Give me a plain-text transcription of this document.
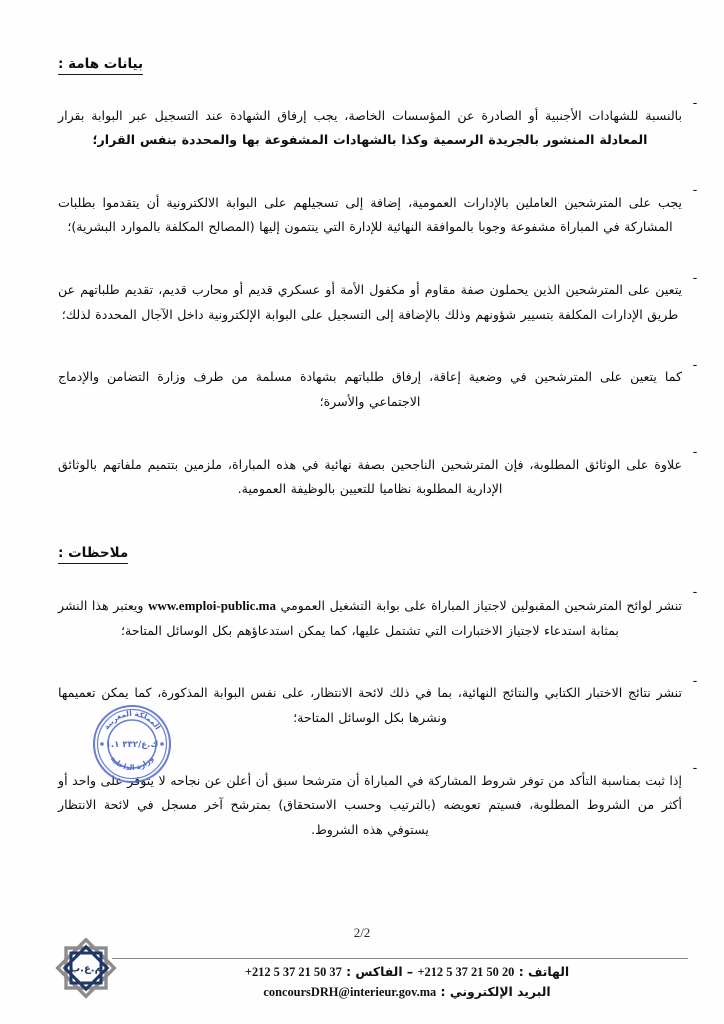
بيانات هامة :
-

بالنسبة للشهادات الأجنبية أو الصادرة عن المؤسسات الخاصة، يجب إرفاق الشهادة عند التسجيل عبر البوابة بقرار المعادلة المنشور بالجريدة الرسمية وكذا بالشهادات المشفوعة بها والمحددة بنفس القرار؛

-

يجب على المترشحين العاملين بالإدارات العمومية، إضافة إلى تسجيلهم على البوابة الالكترونية أن يتقدموا بطلبات المشاركة في المباراة مشفوعة وجوبا بالموافقة النهائية للإدارة التي ينتمون إليها (المصالح المكلفة بالموارد البشرية)؛

-

يتعين على المترشحين الذين يحملون صفة مقاوم أو مكفول الأمة أو عسكري قديم أو محارب قديم، تقديم طلباتهم عن طريق الإدارات المكلفة بتسيير شؤونهم وذلك بالإضافة إلى التسجيل على البوابة الإلكترونية داخل الآجال المحددة لذلك؛

-

كما يتعين على المترشحين في وضعية إعاقة، إرفاق طلباتهم بشهادة مسلمة من طرف وزارة التضامن والإدماج الاجتماعي والأسرة؛

-

علاوة على الوثائق المطلوبة، فإن المترشحين الناجحين بصفة نهائية في هذه المباراة، ملزمين بتتميم ملفاتهم بالوثائق الإدارية المطلوبة نظاميا للتعيين بالوظيفة العمومية.

ملاحظات :
-

تنشر لوائح المترشحين المقبولين لاجتياز المباراة على بوابة التشغيل العمومي www.emploi-public.ma ويعتبر هذا النشر بمثابة استدعاء لاجتياز الاختبارات التي تشتمل عليها، كما يمكن استدعاؤهم بكل الوسائل المتاحة؛

-

تنشر نتائج الاختبار الكتابي والنتائج النهائية، بما في ذلك لائحة الانتظار، على نفس البوابة المذكورة، كما يمكن تعميمها ونشرها بكل الوسائل المتاحة؛

-

إذا ثبت بمناسبة التأكد من توفر شروط المشاركة في المباراة أن مترشحا سبق أن أعلن عن نجاحه لا يتوفر على واحد أو أكثر من الشروط المطلوبة، فسيتم تعويضه (بالترتيب وحسب الاستحقاق) بمترشح آخر مسجل في لائحة الانتظار يستوفي هذه الشروط.

المملكة المغربية
وزارة الداخلية
ك.ع/٣٣٢ ١.١
2/2
م.ع.ب	الهاتف : +212 5 37 21 50 20 – الفاكس : +212 5 37 21 50 37
البريد الإلكتروني : concoursDRH@interieur.gov.ma
